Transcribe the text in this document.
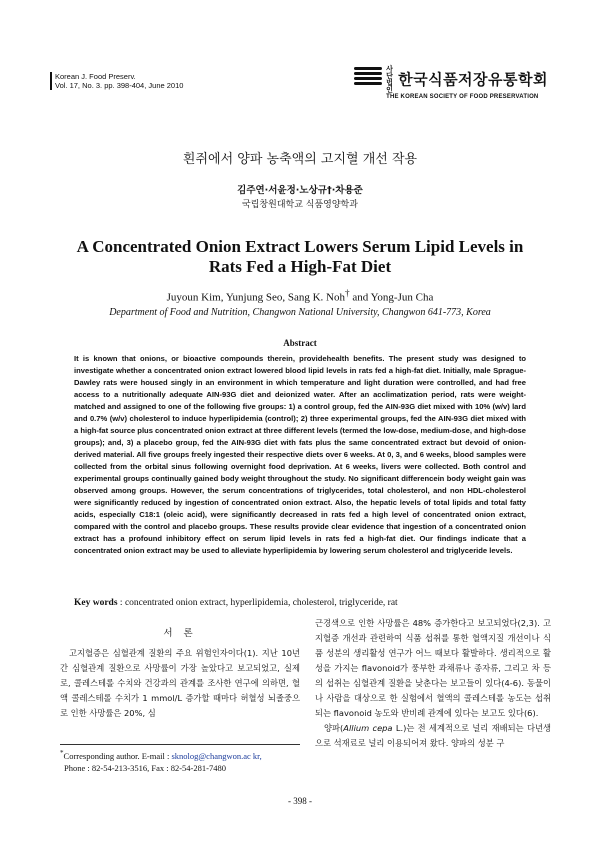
Korean J. Food Preserv.
Vol. 17, No. 3. pp. 398-404, June 2010
사단법인한국식품저장유통학회
THE KOREAN SOCIETY OF FOOD PRESERVATION
흰쥐에서 양파 농축액의 고지혈 개선 작용
김주연·서윤정·노상규†·차용준
국립창원대학교 식품영양학과
A Concentrated Onion Extract Lowers Serum Lipid Levels in Rats Fed a High-Fat Diet
Juyoun Kim, Yunjung Seo, Sang K. Noh† and Yong-Jun Cha
Department of Food and Nutrition, Changwon National University, Changwon 641-773, Korea
Abstract
It is known that onions, or bioactive compounds therein, providehealth benefits. The present study was designed to investigate whether a concentrated onion extract lowered blood lipid levels in rats fed a high-fat diet. Initially, male Sprague-Dawley rats were housed singly in an environment in which temperature and light duration were controlled, and had free access to a nutritionally adequate AIN-93G diet and deionized water. After an acclimatization period, rats were weight-matched and assigned to one of the following five groups: 1) a control group, fed the AIN-93G diet mixed with 10% (w/v) lard and 0.7% (w/v) cholesterol to induce hyperlipidemia (control); 2) three experimental groups, fed the AIN-93G diet mixed with a high-fat source plus concentrated onion extract at three different levels (termed the low-dose, medium-dose, and high-dose groups); and, 3) a placebo group, fed the AIN-93G diet with fats plus the same concentrated extract but devoid of onion-derived material. All five groups freely ingested their respective diets over 6 weeks. At 0, 3, and 6 weeks, blood samples were collected from the orbital sinus following overnight food deprivation. At 6 weeks, livers were collected. Both control and experimental groups continually gained body weight throughout the study. No significant differencein body weight gain was observed among groups. However, the serum concentrations of triglycerides, total cholesterol, and non HDL-cholesterol were significantly reduced by ingestion of concentrated onion extract. Also, the hepatic levels of total lipids and total fatty acids, especially C18:1 (oleic acid), were significantly decreased in rats fed a high level of concentrated onion extract, compared with the control and placebo groups. These results provide clear evidence that ingestion of a concentrated onion extract has a profound inhibitory effect on serum lipid levels in rats fed a high-fat diet. Our findings indicate that a concentrated onion extract may be used to alleviate hyperlipidemia by lowering serum cholesterol and triglyceride levels.
Key words : concentrated onion extract, hyperlipidemia, cholesterol, triglyceride, rat
서 론
고지혈증은 심혈관계 질환의 주요 위험인자이다(1). 지난 10년간 심혈관계 질환으로 사망률이 가장 높았다고 보고되었고, 실제로, 콜레스테롤 수치와 건강과의 관계를 조사한 연구에 의하면, 혈액 콜레스테롤 수치가 1 mmol/L 증가할 때마다 허혈성 뇌졸중으로 인한 사망률은 20%, 심

근경색으로 인한 사망률은 48% 증가한다고 보고되었다(2,3). 고지혈증 개선과 관련하여 식품 섭취를 통한 혈액지질 개선이나 식품 성분의 생리활성 연구가 어느 때보다 활발하다. 생리적으로 활성을 가지는 flavonoid가 풍부한 과채류나 종자류, 그리고 차 등의 섭취는 심혈관계 질환을 낮춘다는 보고들이 있다(4-6). 동물이나 사람을 대상으로 한 실험에서 혈액의 콜레스테롤 농도는 섭취되는 flavonoid 농도와 반비례 관계에 있다는 보고도 있다(6).

양파(Allium cepa L.)는 전 세계적으로 널리 재배되는 다년생으로 석재료로 널리 이용되어져 왔다. 양파의 성분 구

*Corresponding author. E-mail : sknolog@changwon.ac kr,
Phone : 82-54-213-3516, Fax : 82-54-281-7480
- 398 -
